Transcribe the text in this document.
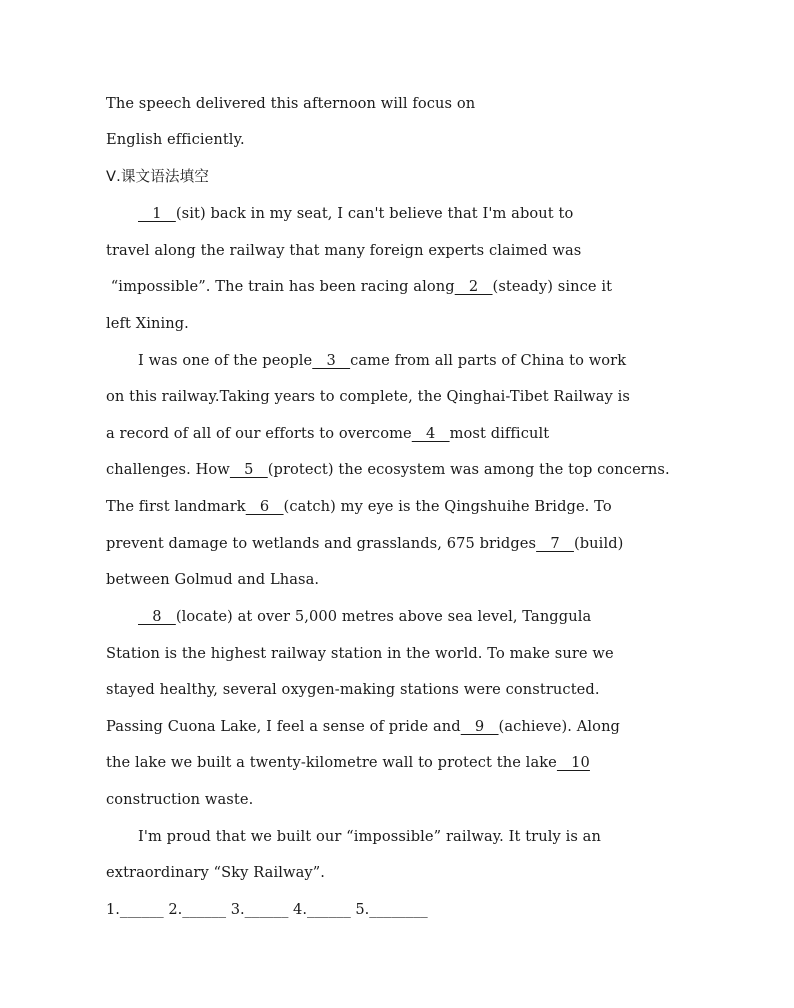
The speech delivered this afternoon will focus on
English efficiently.
Ⅴ.课文语法填空
1   (sit) back in my seat, I can't believe that I'm about to
travel along the railway that many foreign experts claimed was
“impossible”. The train has been racing along   2   (steady) since it
left Xining.
I was one of the people   3   came from all parts of China to work
on this railway.Taking years to complete, the Qinghai-Tibet Railway is
a record of all of our efforts to overcome   4   most difficult
challenges. How   5   (protect) the ecosystem was among the top concerns.
The first landmark   6   (catch) my eye is the Qingshuihe Bridge. To
prevent damage to wetlands and grasslands, 675 bridges   7   (build)
between Golmud and Lhasa.
8   (locate) at over 5,000 metres above sea level, Tanggula
Station is the highest railway station in the world. To make sure we
stayed healthy, several oxygen-making stations were constructed.
Passing Cuona Lake, I feel a sense of pride and   9   (achieve). Along
the lake we built a twenty-kilometre wall to protect the lake   10
construction waste.
I'm proud that we built our “impossible” railway. It truly is an
extraordinary “Sky Railway”.
1.______ 2.______ 3.______ 4.______ 5.________
